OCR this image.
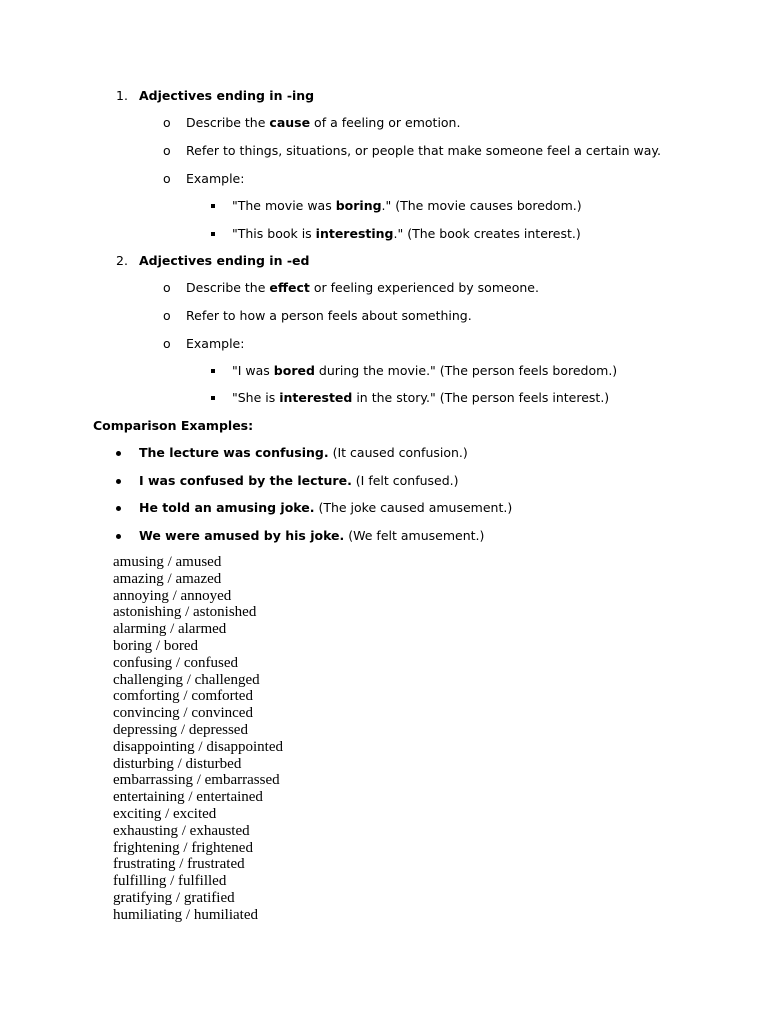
1. Adjectives ending in -ing
o Describe the cause of a feeling or emotion.
o Refer to things, situations, or people that make someone feel a certain way.
o Example:
"The movie was boring." (The movie causes boredom.)
"This book is interesting." (The book creates interest.)
2. Adjectives ending in -ed
o Describe the effect or feeling experienced by someone.
o Refer to how a person feels about something.
o Example:
"I was bored during the movie." (The person feels boredom.)
"She is interested in the story." (The person feels interest.)
Comparison Examples:
The lecture was confusing. (It caused confusion.)
I was confused by the lecture. (I felt confused.)
He told an amusing joke. (The joke caused amusement.)
We were amused by his joke. (We felt amusement.)
amusing / amused
amazing / amazed
annoying / annoyed
astonishing / astonished
alarming / alarmed
boring / bored
confusing / confused
challenging / challenged
comforting / comforted
convincing / convinced
depressing / depressed
disappointing / disappointed
disturbing / disturbed
embarrassing / embarrassed
entertaining / entertained
exciting / excited
exhausting / exhausted
frightening / frightened
frustrating / frustrated
fulfilling / fulfilled
gratifying / gratified
humiliating / humiliated
